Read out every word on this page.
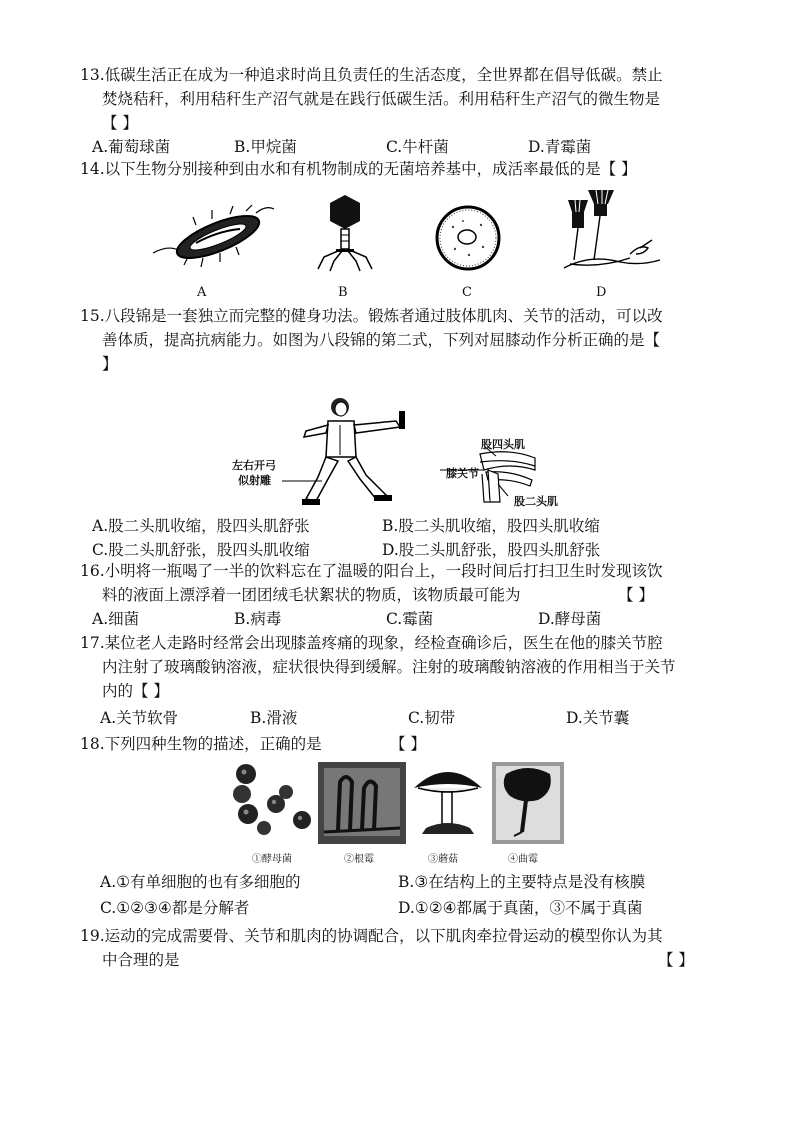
13.低碳生活正在成为一种追求时尚且负责任的生活态度，全世界都在倡导低碳。禁止
焚烧秸秆，利用秸秆生产沼气就是在践行低碳生活。利用秸秆生产沼气的微生物是
【 】
A.葡萄球菌	B.甲烷菌	C.牛杆菌	D.青霉菌
14.以下生物分别接种到由水和有机物制成的无菌培养基中，成活率最低的是【 】
A	B	C	D
15.八段锦是一套独立而完整的健身功法。锻炼者通过肢体肌肉、关节的活动，可以改
善体质，提高抗病能力。如图为八段锦的第二式，下列对屈膝动作分析正确的是【
】
左右开弓
似射雕
股四头肌
膝关节
股二头肌
A.股二头肌收缩，股四头肌舒张	B.股二头肌收缩，股四头肌收缩
C.股二头肌舒张，股四头肌收缩	D.股二头肌舒张，股四头肌舒张
16.小明将一瓶喝了一半的饮料忘在了温暖的阳台上，一段时间后打扫卫生时发现该饮
料的液面上漂浮着一团团绒毛状絮状的物质，该物质最可能为	【 】
A.细菌	B.病毒	C.霉菌	D.酵母菌
17.某位老人走路时经常会出现膝盖疼痛的现象，经检查确诊后，医生在他的膝关节腔
内注射了玻璃酸钠溶液，症状很快得到缓解。注射的玻璃酸钠溶液的作用相当于关节
内的【 】
A.关节软骨	B.滑液	C.韧带	D.关节囊
18.下列四种生物的描述，正确的是	【 】
①酵母菌	②根霉	③蘑菇	④曲霉
A.①有单细胞的也有多细胞的	B.③在结构上的主要特点是没有核膜
C.①②③④都是分解者	D.①②④都属于真菌，③不属于真菌
19.运动的完成需要骨、关节和肌肉的协调配合，以下肌肉牵拉骨运动的模型你认为其
中合理的是	【 】
